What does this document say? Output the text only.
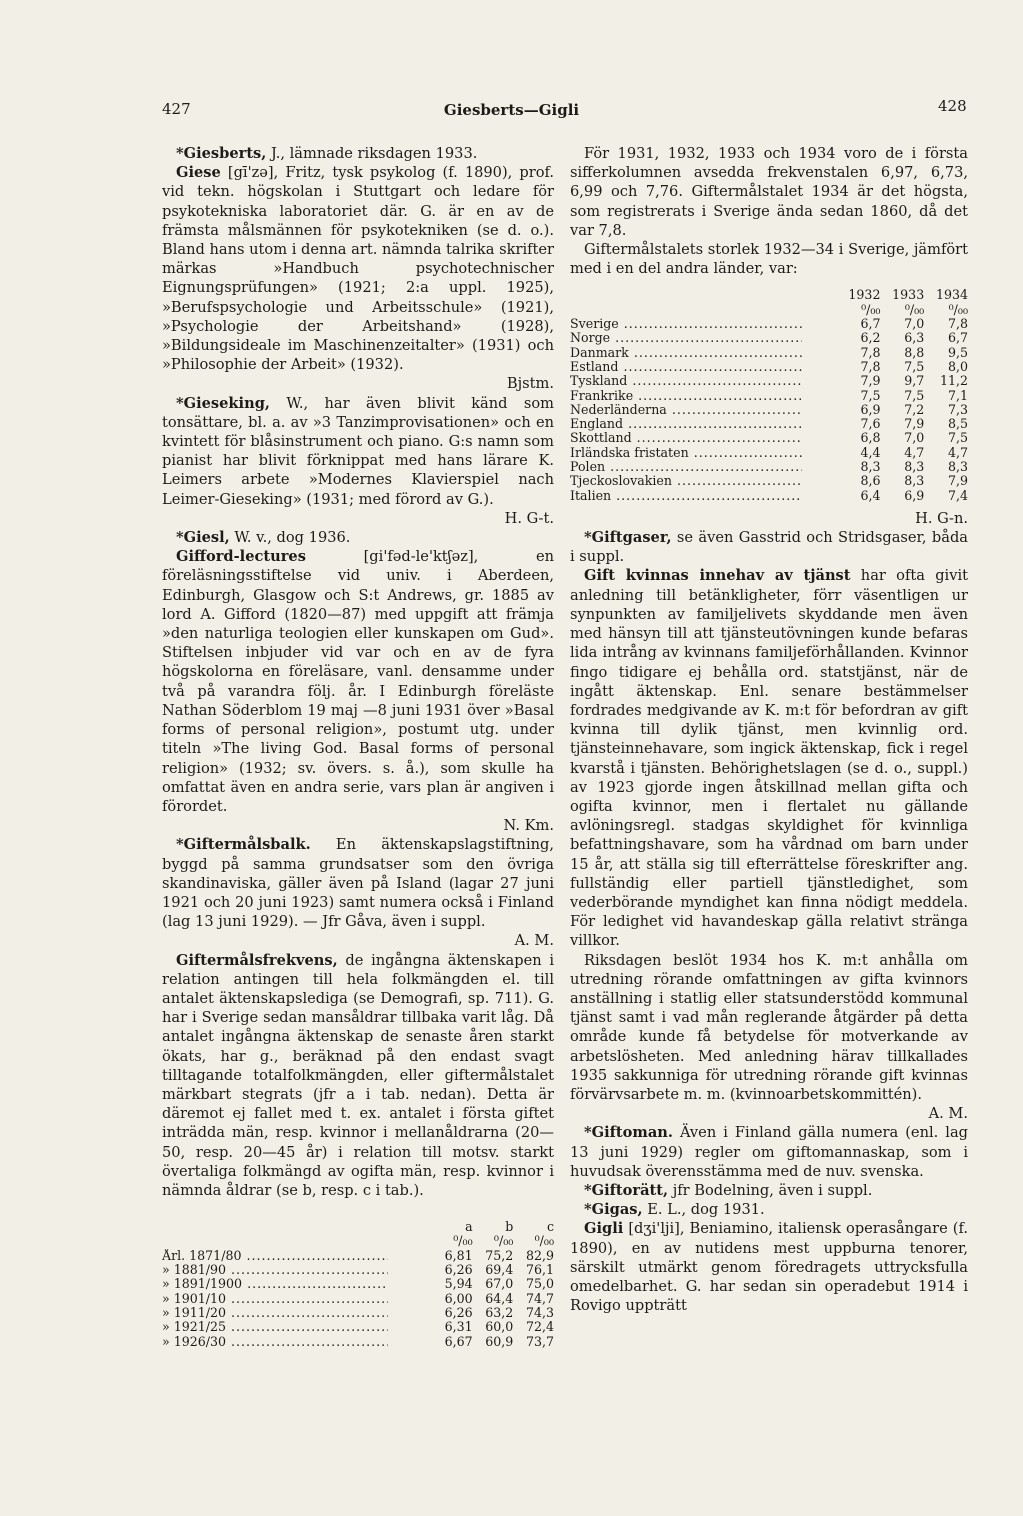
427	Giesberts—Gigli	428

*Giesberts, J., lämnade riksdagen 1933.

Giese [gī'zə], Fritz, tysk psykolog (f. 1890), prof. vid tekn. högskolan i Stuttgart och ledare för psykotekniska laboratoriet där. G. är en av de främsta målsmännen för psykotekniken (se d. o.). Bland hans utom i denna art. nämnda talrika skrifter märkas »Handbuch psychotechnischer Eignungsprüfungen» (1921; 2:a uppl. 1925), »Berufspsychologie und Arbeitsschule» (1921), »Psychologie der Arbeitshand» (1928), »Bildungsideale im Maschinenzeitalter» (1931) och »Philosophie der Arbeit» (1932).

Bjstm.

*Gieseking, W., har även blivit känd som tonsättare, bl. a. av »3 Tanzimprovisationen» och en kvintett för blåsinstrument och piano. G:s namn som pianist har blivit förknippat med hans lärare K. Leimers arbete »Modernes Klavierspiel nach Leimer-Gieseking» (1931; med förord av G.).

H. G-t.

*Giesl, W. v., dog 1936.

Gifford-lectures [gi'fəd-le'ktʃəz], en föreläsningsstiftelse vid univ. i Aberdeen, Edinburgh, Glasgow och S:t Andrews, gr. 1885 av lord A. Gifford (1820—87) med uppgift att främja »den naturliga teologien eller kunskapen om Gud». Stiftelsen inbjuder vid var och en av de fyra högskolorna en föreläsare, vanl. densamme under två på varandra följ. år. I Edinburgh föreläste Nathan Söderblom 19 maj —8 juni 1931 över »Basal forms of personal religion», postumt utg. under titeln »The living God. Basal forms of personal religion» (1932; sv. övers. s. å.), som skulle ha omfattat även en andra serie, vars plan är angiven i förordet.

N. Km.

*Giftermålsbalk. En äktenskapslagstiftning, byggd på samma grundsatser som den övriga skandinaviska, gäller även på Island (lagar 27 juni 1921 och 20 juni 1923) samt numera också i Finland (lag 13 juni 1929). — Jfr Gåva, även i suppl.

A. M.

Giftermålsfrekvens, de ingångna äktenskapen i relation antingen till hela folkmängden el. till antalet äktenskapslediga (se Demografi, sp. 711). G. har i Sverige sedan mansåldrar tillbaka varit låg. Då antalet ingångna äktenskap de senaste åren starkt ökats, har g., beräknad på den endast svagt tilltagande totalfolkmängden, eller giftermålstalet märkbart stegrats (jfr a i tab. nedan). Detta är däremot ej fallet med t. ex. antalet i första giftet inträdda män, resp. kvinnor i mellanåldrarna (20—50, resp. 20—45 år) i relation till motsv. starkt övertaliga folkmängd av ogifta män, resp. kvinnor i nämnda åldrar (se b, resp. c i tab.).

	a	b	c
	⁰/₀₀	⁰/₀₀	⁰/₀₀

Årl. 1871/80 .....	6,81	75,2	82,9

» 1881/90 .....	6,26	69,4	76,1

» 1891/1900 .....	5,94	67,0	75,0

» 1901/10 .....	6,00	64,4	74,7

» 1911/20 .....	6,26	63,2	74,3

» 1921/25 .....	6,31	60,0	72,4

» 1926/30 .....	6,67	60,9	73,7

För 1931, 1932, 1933 och 1934 voro de i första sifferkolumnen avsedda frekvenstalen 6,97, 6,73, 6,99 och 7,76. Giftermålstalet 1934 är det högsta, som registrerats i Sverige ända sedan 1860, då det var 7,8.

Giftermålstalets storlek 1932—34 i Sverige, jämfört med i en del andra länder, var:

	1932	1933	1934
	⁰/₀₀	⁰/₀₀	⁰/₀₀

Sverige .....	6,7	7,0	7,8

Norge .....	6,2	6,3	6,7

Danmark .....	7,8	8,8	9,5

Estland .....	7,8	7,5	8,0

Tyskland .....	7,9	9,7	11,2

Frankrike .....	7,5	7,5	7,1

Nederländerna .....	6,9	7,2	7,3

England .....	7,6	7,9	8,5

Skottland .....	6,8	7,0	7,5

Irländska fristaten .....	4,4	4,7	4,7

Polen .....	8,3	8,3	8,3

Tjeckoslovakien .....	8,6	8,3	7,9

Italien .....	6,4	6,9	7,4

H. G-n.

*Giftgaser, se även Gasstrid och Stridsgaser, båda i suppl.

Gift kvinnas innehav av tjänst har ofta givit anledning till betänkligheter, förr väsentligen ur synpunkten av familjelivets skyddande men även med hänsyn till att tjänsteutövningen kunde befaras lida intrång av kvinnans familjeförhållanden. Kvinnor fingo tidigare ej behålla ord. statstjänst, när de ingått äktenskap. Enl. senare bestämmelser fordrades medgivande av K. m:t för befordran av gift kvinna till dylik tjänst, men kvinnlig ord. tjänsteinnehavare, som ingick äktenskap, fick i regel kvarstå i tjänsten. Behörighetslagen (se d. o., suppl.) av 1923 gjorde ingen åtskillnad mellan gifta och ogifta kvinnor, men i flertalet nu gällande avlöningsregl. stadgas skyldighet för kvinnliga befattningshavare, som ha vårdnad om barn under 15 år, att ställa sig till efterrättelse föreskrifter ang. fullständig eller partiell tjänstledighet, som vederbörande myndighet kan finna nödigt meddela. För ledighet vid havandeskap gälla relativt stränga villkor.

Riksdagen beslöt 1934 hos K. m:t anhålla om utredning rörande omfattningen av gifta kvinnors anställning i statlig eller statsunderstödd kommunal tjänst samt i vad mån reglerande åtgärder på detta område kunde få betydelse för motverkande av arbetslösheten. Med anledning härav tillkallades 1935 sakkunniga för utredning rörande gift kvinnas förvärvsarbete m. m. (kvinnoarbetskommittén).

A. M.

*Giftoman. Även i Finland gälla numera (enl. lag 13 juni 1929) regler om giftomannaskap, som i huvudsak överensstämma med de nuv. svenska.

*Giftorätt, jfr Bodelning, även i suppl.

*Gigas, E. L., dog 1931.

Gigli [dʒi'lji], Beniamino, italiensk operasångare (f. 1890), en av nutidens mest uppburna tenorer, särskilt utmärkt genom föredragets uttrycksfulla omedelbarhet. G. har sedan sin operadebut 1914 i Rovigo uppträtt
